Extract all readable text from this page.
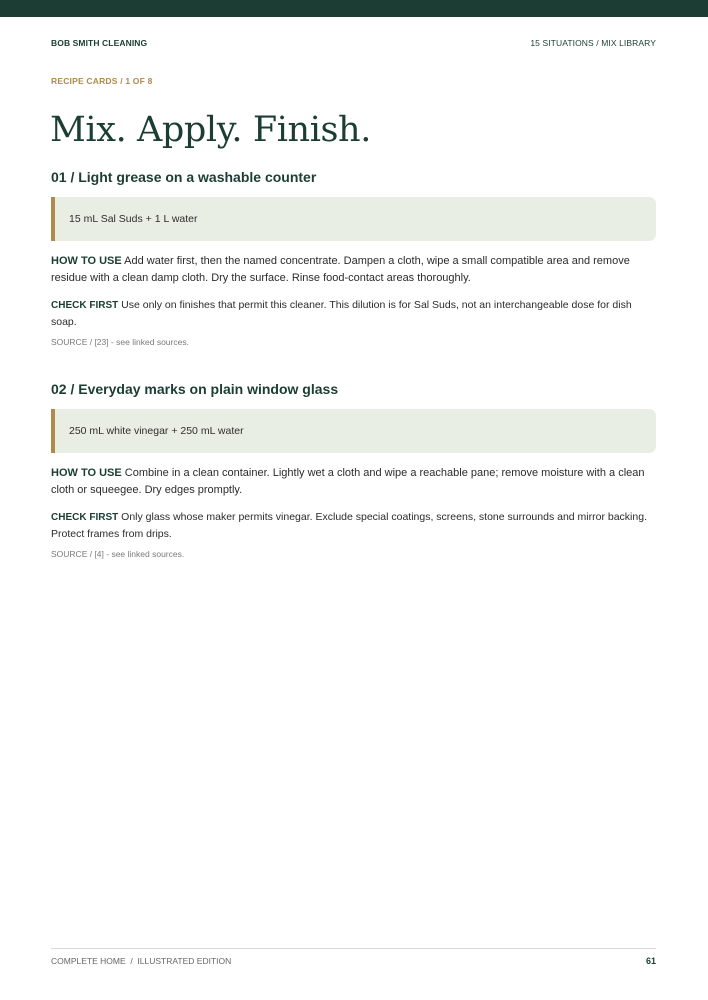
BOB SMITH CLEANING	15 SITUATIONS / MIX LIBRARY
RECIPE CARDS / 1 OF 8
Mix. Apply. Finish.
01 / Light grease on a washable counter
15 mL Sal Suds + 1 L water

HOW TO USE Add water first, then the named concentrate. Dampen a cloth, wipe a small compatible area and remove residue with a clean damp cloth. Dry the surface. Rinse food-contact areas thoroughly.

CHECK FIRST Use only on finishes that permit this cleaner. This dilution is for Sal Suds, not an interchangeable dose for dish soap.

SOURCE / [23] - see linked sources.

02 / Everyday marks on plain window glass
250 mL white vinegar + 250 mL water

HOW TO USE Combine in a clean container. Lightly wet a cloth and wipe a reachable pane; remove moisture with a clean cloth or squeegee. Dry edges promptly.

CHECK FIRST Only glass whose maker permits vinegar. Exclude special coatings, screens, stone surrounds and mirror backing. Protect frames from drips.

SOURCE / [4] - see linked sources.

COMPLETE HOME  /  ILLUSTRATED EDITION	61
